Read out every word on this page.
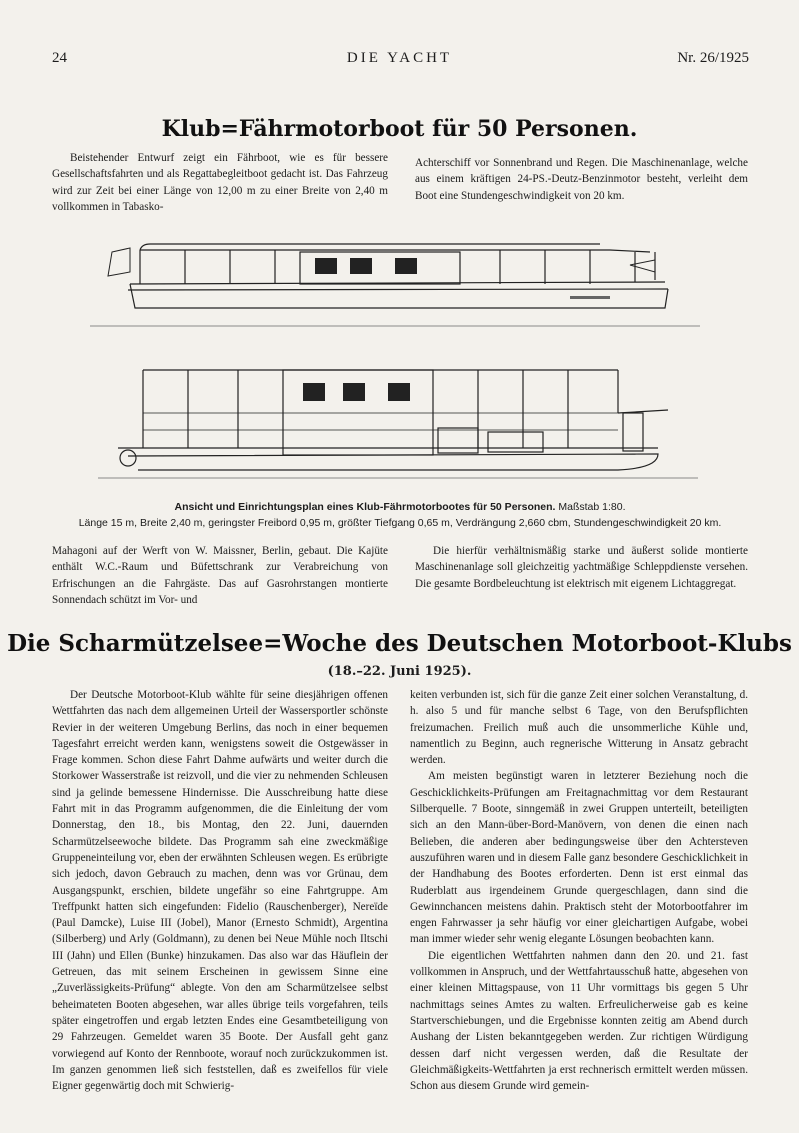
24	DIE YACHT	Nr. 26/1925
Klub=Fährmotorboot für 50 Personen.

Beistehender Entwurf zeigt ein Fährboot, wie es für bessere Gesellschaftsfahrten und als Regattabegleitboot gedacht ist. Das Fahrzeug wird zur Zeit bei einer Länge von 12,00 m zu einer Breite von 2,40 m vollkommen in Tabasko-

Achterschiff vor Sonnenbrand und Regen. Die Maschinenanlage, welche aus einem kräftigen 24-PS.-Deutz-Benzinmotor besteht, verleiht dem Boot eine Stundengeschwindigkeit von 20 km.

Ansicht und Einrichtungsplan eines Klub-Fährmotorbootes für 50 Personen. Maßstab 1:80.
Länge 15 m, Breite 2,40 m, geringster Freibord 0,95 m, größter Tiefgang 0,65 m, Verdrängung 2,660 cbm, Stundengeschwindigkeit 20 km.

Mahagoni auf der Werft von W. Maissner, Berlin, gebaut. Die Kajüte enthält W.C.-Raum und Büfettschrank zur Verabreichung von Erfrischungen an die Fahrgäste. Das auf Gasrohrstangen montierte Sonnendach schützt im Vor- und

Die hierfür verhältnismäßig starke und äußerst solide montierte Maschinenanlage soll gleichzeitig yachtmäßige Schleppdienste versehen. Die gesamte Bordbeleuchtung ist elektrisch mit eigenem Lichtaggregat.

Die Scharmützelsee=Woche des Deutschen Motorboot-Klubs
(18.–22. Juni 1925).

Der Deutsche Motorboot-Klub wählte für seine diesjährigen offenen Wettfahrten das nach dem allgemeinen Urteil der Wassersportler schönste Revier in der weiteren Umgebung Berlins, das noch in einer bequemen Tagesfahrt erreicht werden kann, wenigstens soweit die Ostgewässer in Frage kommen. Schon diese Fahrt Dahme aufwärts und weiter durch die Storkower Wasserstraße ist reizvoll, und die vier zu nehmenden Schleusen sind ja gelinde bemessene Hindernisse. Die Ausschreibung hatte diese Fahrt mit in das Programm aufgenommen, die die Einleitung der vom Donnerstag, den 18., bis Montag, den 22. Juni, dauernden Scharmützelseewoche bildete. Das Programm sah eine zweckmäßige Gruppeneinteilung vor, eben der erwähnten Schleusen wegen. Es erübrigte sich jedoch, davon Gebrauch zu machen, denn was vor Grünau, dem Ausgangspunkt, erschien, bildete ungefähr so eine Fahrtgruppe. Am Treffpunkt hatten sich eingefunden: Fidelio (Rauschenberger), Nereïde (Paul Damcke), Luise III (Jobel), Manor (Ernesto Schmidt), Argentina (Silberberg) und Arly (Goldmann), zu denen bei Neue Mühle noch Iltschi III (Jahn) und Ellen (Bunke) hinzukamen. Das also war das Häuflein der Getreuen, das mit seinem Erscheinen in gewissem Sinne eine „Zuverlässigkeits-Prüfung“ ablegte. Von den am Scharmützelsee selbst beheimateten Booten abgesehen, war alles übrige teils vorgefahren, teils später eingetroffen und ergab letzten Endes eine Gesamtbeteiligung von 29 Fahrzeugen. Gemeldet waren 35 Boote. Der Ausfall geht ganz vorwiegend auf Konto der Rennboote, worauf noch zurückzukommen ist. Im ganzen genommen ließ sich feststellen, daß es zweifellos für viele Eigner gegenwärtig doch mit Schwierig-

keiten verbunden ist, sich für die ganze Zeit einer solchen Veranstaltung, d. h. also 5 und für manche selbst 6 Tage, von den Berufspflichten freizumachen. Freilich muß auch die unsommerliche Kühle und, namentlich zu Beginn, auch regnerische Witterung in Ansatz gebracht werden.

Am meisten begünstigt waren in letzterer Beziehung noch die Geschicklichkeits-Prüfungen am Freitagnachmittag vor dem Restaurant Silberquelle. 7 Boote, sinngemäß in zwei Gruppen unterteilt, beteiligten sich an den Mann-über-Bord-Manövern, von denen die einen nach Belieben, die anderen aber bedingungsweise über den Achtersteven auszuführen waren und in diesem Falle ganz besondere Geschicklichkeit in der Handhabung des Bootes erforderten. Denn ist erst einmal das Ruderblatt aus irgendeinem Grunde quergeschlagen, dann sind die Gewinnchancen meistens dahin. Praktisch steht der Motorbootfahrer im engen Fahrwasser ja sehr häufig vor einer gleichartigen Aufgabe, wobei man immer wieder sehr wenig elegante Lösungen beobachten kann.

Die eigentlichen Wettfahrten nahmen dann den 20. und 21. fast vollkommen in Anspruch, und der Wettfahrtausschuß hatte, abgesehen von einer kleinen Mittagspause, von 11 Uhr vormittags bis gegen 5 Uhr nachmittags seines Amtes zu walten. Erfreulicherweise gab es keine Startverschiebungen, und die Ergebnisse konnten zeitig am Abend durch Aushang der Listen bekanntgegeben werden. Zur richtigen Würdigung dessen darf nicht vergessen werden, daß die Resultate der Gleichmäßigkeits-Wettfahrten ja erst rechnerisch ermittelt werden müssen. Schon aus diesem Grunde wird gemein-
